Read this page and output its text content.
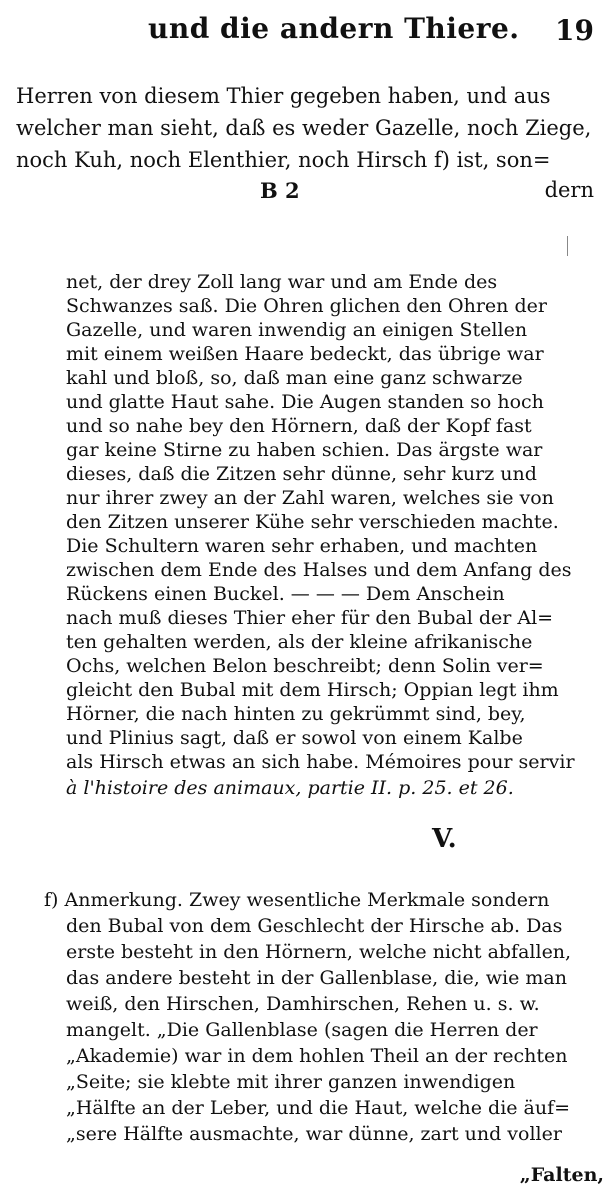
und die andern Thiere. 19
Herren von diesem Thier gegeben haben, und aus
welcher man sieht, daß es weder Gazelle, noch Ziege,
noch Kuh, noch Elenthier, noch Hirsch f) ist, son=
B 2	dern
net, der drey Zoll lang war und am Ende des
Schwanzes saß. Die Ohren glichen den Ohren der
Gazelle, und waren inwendig an einigen Stellen
mit einem weißen Haare bedeckt, das übrige war
kahl und bloß, so, daß man eine ganz schwarze
und glatte Haut sahe. Die Augen standen so hoch
und so nahe bey den Hörnern, daß der Kopf fast
gar keine Stirne zu haben schien. Das ärgste war
dieses, daß die Zitzen sehr dünne, sehr kurz und
nur ihrer zwey an der Zahl waren, welches sie von
den Zitzen unserer Kühe sehr verschieden machte.
Die Schultern waren sehr erhaben, und machten
zwischen dem Ende des Halses und dem Anfang des
Rückens einen Buckel. — — — Dem Anschein
nach muß dieses Thier eher für den Bubal der Al=
ten gehalten werden, als der kleine afrikanische
Ochs, welchen Belon beschreibt; denn Solin ver=
gleicht den Bubal mit dem Hirsch; Oppian legt ihm
Hörner, die nach hinten zu gekrümmt sind, bey,
und Plinius sagt, daß er sowol von einem Kalbe
als Hirsch etwas an sich habe. Mémoires pour servir
à l'histoire des animaux, partie II. p. 25. et 26.
V.
f) Anmerkung. Zwey wesentliche Merkmale sondern
den Bubal von dem Geschlecht der Hirsche ab. Das
erste besteht in den Hörnern, welche nicht abfallen,
das andere besteht in der Gallenblase, die, wie man
weiß, den Hirschen, Damhirschen, Rehen u. s. w.
mangelt. „Die Gallenblase (sagen die Herren der
„Akademie) war in dem hohlen Theil an der rechten
„Seite; sie klebte mit ihrer ganzen inwendigen
„Hälfte an der Leber, und die Haut, welche die äuf=
„sere Hälfte ausmachte, war dünne, zart und voller
„Falten,
